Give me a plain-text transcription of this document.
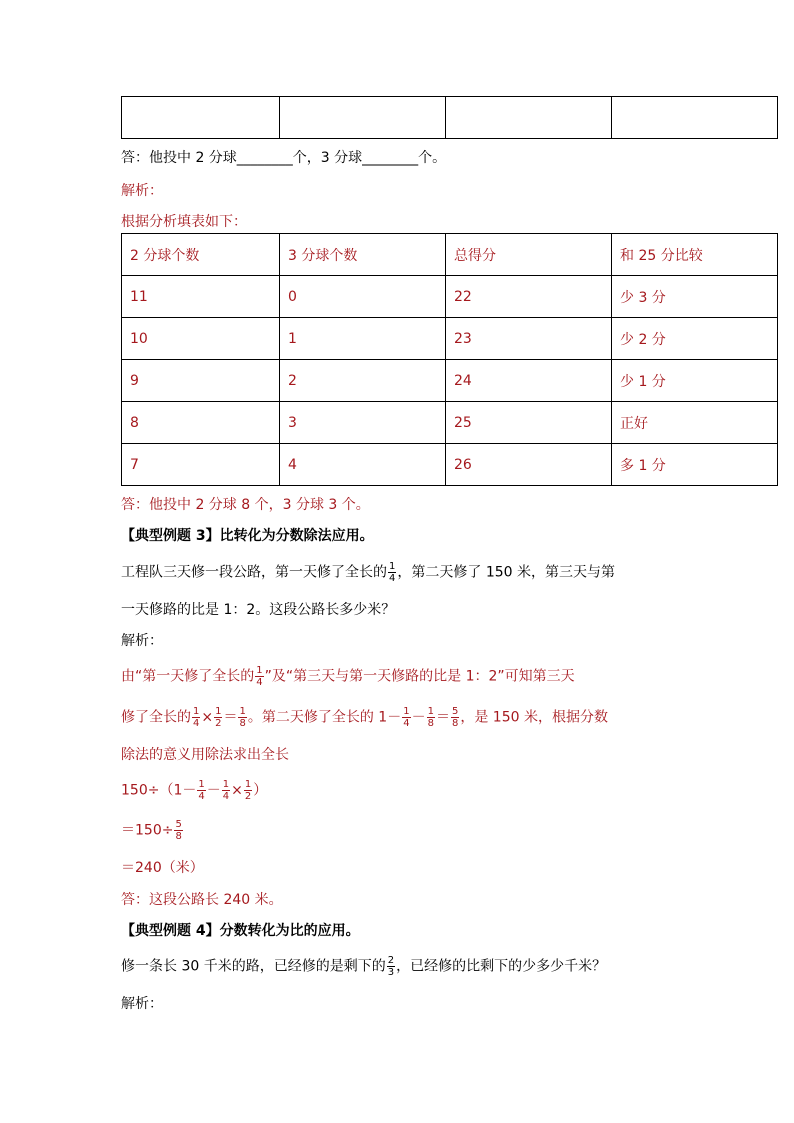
答：他投中 2 分球________个，3 分球________个。
解析：
根据分析填表如下：
2 分球个数	3 分球个数	总得分	和 25 分比较
11	0	22	少 3 分
10	1	23	少 2 分
9	2	24	少 1 分
8	3	25	正好
7	4	26	多 1 分
答：他投中 2 分球 8 个，3 分球 3 个。
【典型例题 3】比转化为分数除法应用。
工程队三天修一段公路，第一天修了全长的 $\frac{1}{4}$ ，第二天修了 150 米，第三天与第
一天修路的比是 1：2。这段公路长多少米？
解析：
由“第一天修了全长的 $\frac{1}{4}$ ”及“第三天与第一天修路的比是 1：2”可知第三天
修了全长的 $\frac{1}{4} \times \frac{1}{2} = \frac{1}{8}$ 。第二天修了全长的 $1- \frac{1}{4} - \frac{1}{8} = \frac{5}{8}$ ，是 150 米，根据分数
除法的意义用除法求出全长
$150\div(1- \frac{1}{4} - \frac{1}{4} \times \frac{1}{2}$ ）
$=150\div \frac{5}{8}$
＝240（米）
答：这段公路长 240 米。
【典型例题 4】分数转化为比的应用。
修一条长 30 千米的路，已经修的是剩下的 $\frac{2}{3}$ ，已经修的比剩下的少多少千米？
解析：
